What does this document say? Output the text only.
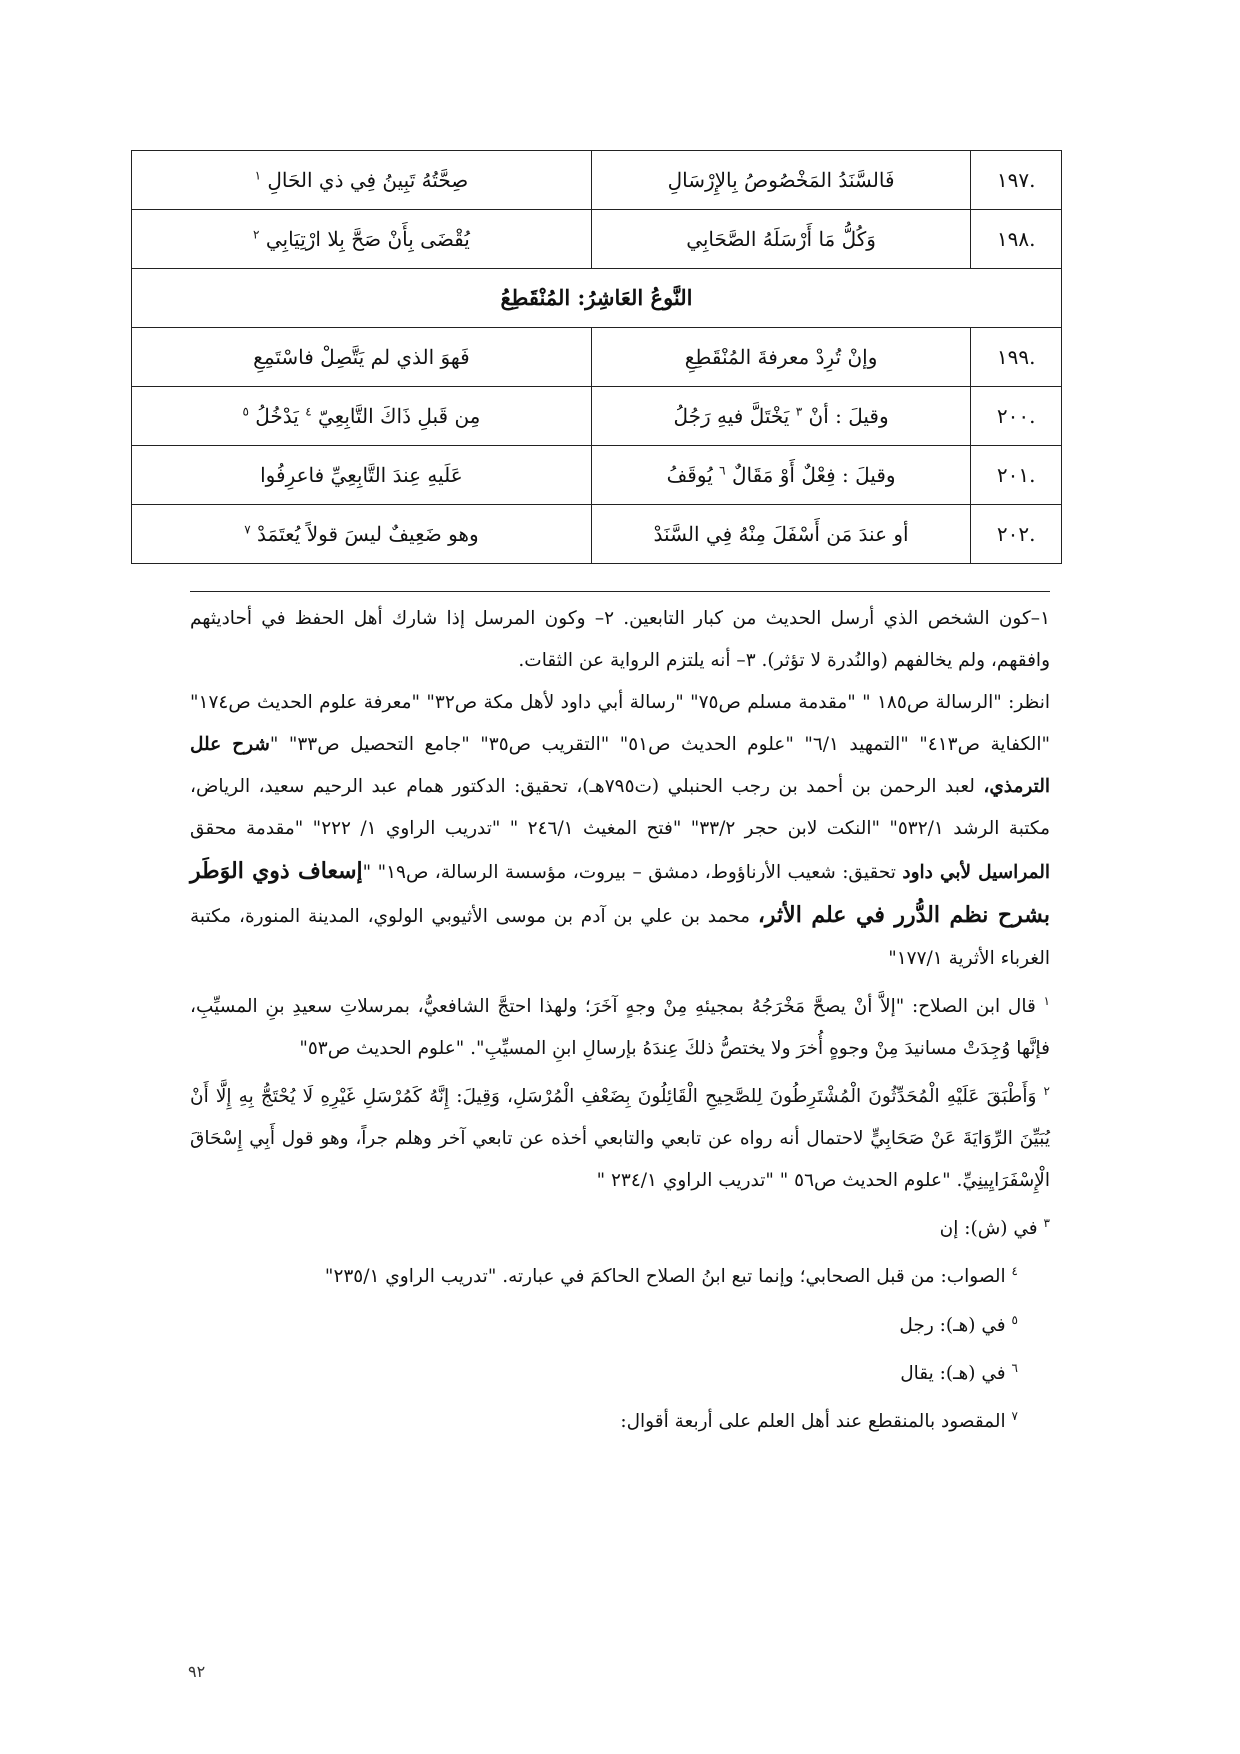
.١٩٧	فَالسَّنَدُ المَخْصُوصُ بِالإِرْسَالِ	صِحَّتُهُ تَبِينُ فِي ذي الحَالِ $^١$
.١٩٨	وَكُلُّ مَا أَرْسَلَهُ الصَّحَابِي	يُقْضَى بِأَنْ صَحَّ بِلا ارْتِيَابِي $^٢$
النَّوعُ العَاشِرُ: المُنْقَطِعُ		
.١٩٩	وإنْ تُرِدْ معرفةَ المُنْقَطِعِ	فَهوَ الذي لم يَتَّصِلْ فاسْتَمِعِ
.٢٠٠	وقيلَ : أنْ $^٣$ يَخْتَلَّ فيهِ رَجُلُ	مِن قَبلِ ذَاكَ التَّابِعِيّ $^٤$ يَدْخُلُ $^٥$
.٢٠١	وقيلَ : فِعْلٌ أَوْ مَقَالٌ $^٦$ يُوقَفُ	عَلَيهِ عِندَ التَّابِعِيِّ فاعرِفُوا
.٢٠٢	أو عندَ مَن أَسْفَلَ مِنْهُ فِي السَّنَدْ	وهو ضَعِيفٌ ليسَ قولاً يُعتَمَدْ $^٧$

١–كون الشخص الذي أرسل الحديث من كبار التابعين. ٢– وكون المرسل إذا شارك أهل الحفظ في أحاديثهم وافقهم، ولم يخالفهم (والنُدرة لا تؤثر). ٣– أنه يلتزم الرواية عن الثقات.

انظر: "الرسالة ص١٨٥ " "مقدمة مسلم ص٧٥" "رسالة أبي داود لأهل مكة ص٣٢" "معرفة علوم الحديث ص١٧٤" "الكفاية ص٤١٣" "التمهيد ٦/١" "علوم الحديث ص٥١" "التقريب ص٣٥" "جامع التحصيل ص٣٣" "شرح علل الترمذي، لعبد الرحمن بن أحمد بن رجب الحنبلي (ت٧٩٥هـ)، تحقيق: الدكتور همام عبد الرحيم سعيد، الرياض، مكتبة الرشد ٥٣٢/١" "النكت لابن حجر ٣٣/٢" "فتح المغيث ٢٤٦/١ " "تدريب الراوي ١/ ٢٢٢" "مقدمة محقق المراسيل لأبي داود تحقيق: شعيب الأرناؤوط، دمشق – بيروت، مؤسسة الرسالة، ص١٩" "إسعاف ذوي الوَطَر بشرح نظم الدُّرر في علم الأثر، محمد بن علي بن آدم بن موسى الأثيوبي الولوي، المدينة المنورة، مكتبة الغرباء الأثرية ١٧٧/١"

$^١$ قال ابن الصلاح: "إلاَّ أنْ يصحَّ مَخْرَجُهُ بمجيئهِ مِنْ وجهٍ آخَرَ؛ ولهذا احتجَّ الشافعيُّ، بمرسلاتِ سعيدِ بنِ المسيِّبِ، فإنَّها وُجِدَتْ مسانيدَ مِنْ وجوهٍ أُخرَ ولا يختصُّ ذلكَ عِندَهُ بإرسالِ ابنِ المسيِّبِ". "علوم الحديث ص٥٣"

$^٢$ وَأَطْبَقَ عَلَيْهِ الْمُحَدِّثُونَ الْمُشْتَرِطُونَ لِلصَّحِيحِ الْقَائِلُونَ بِضَعْفِ الْمُرْسَلِ، وَقِيلَ: إِنَّهُ كَمُرْسَلِ غَيْرِهِ لَا يُحْتَجُّ بِهِ إِلَّا أَنْ يُبَيِّنَ الرِّوَايَةَ عَنْ صَحَابِيٍّ لاحتمال أنه رواه عن تابعي والتابعي أخذه عن تابعي آخر وهلم جراً، وهو قول أَبِي إِسْحَاقَ الْإِسْفَرَايِينِيِّ. "علوم الحديث ص٥٦ " "تدريب الراوي ٢٣٤/١ "

$^٣$ في (ش): إن

$^٤$ الصواب: من قبل الصحابي؛ وإنما تبع ابنُ الصلاح الحاكمَ في عبارته. "تدريب الراوي ٢٣٥/١"

$^٥$ في (هـ): رجل

$^٦$ في (هـ): يقال

$^٧$ المقصود بالمنقطع عند أهل العلم على أربعة أقوال:

٩٢
